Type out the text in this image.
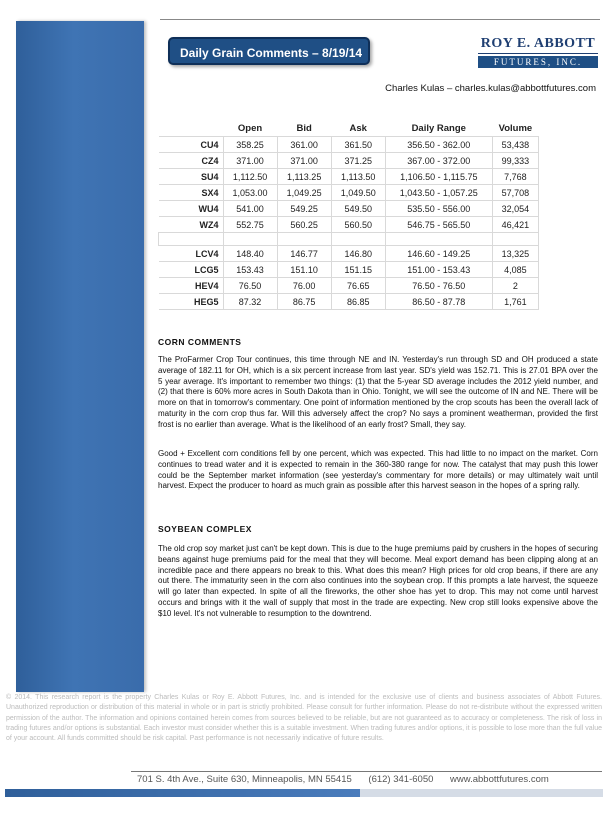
Daily Grain Comments – 8/19/14
ROY E. ABBOTT
FUTURES, INC.
Charles Kulas – charles.kulas@abbottfutures.com
	Open	Bid	Ask	Daily Range	Volume
CU4	358.25	361.00	361.50	356.50 - 362.00	53,438
CZ4	371.00	371.00	371.25	367.00 - 372.00	99,333
SU4	1,112.50	1,113.25	1,113.50	1,106.50 - 1,115.75	7,768
SX4	1,053.00	1,049.25	1,049.50	1,043.50 - 1,057.25	57,708
WU4	541.00	549.25	549.50	535.50 - 556.00	32,054
WZ4	552.75	560.25	560.50	546.75 - 565.50	46,421

LCV4	148.40	146.77	146.80	146.60 - 149.25	13,325
LCG5	153.43	151.10	151.15	151.00 - 153.43	4,085
HEV4	76.50	76.00	76.65	76.50 - 76.50	2
HEG5	87.32	86.75	86.85	86.50 - 87.78	1,761
CORN COMMENTS

The ProFarmer Crop Tour continues, this time through NE and IN. Yesterday's run through SD and OH produced a state average of 182.11 for OH, which is a six percent increase from last year. SD's yield was 152.71. This is 27.01 BPA over the 5 year average. It's important to remember two things: (1) that the 5-year SD average includes the 2012 yield number, and (2) that there is 60% more acres in South Dakota than in Ohio. Tonight, we will see the outcome of IN and NE. There will be more on that in tomorrow's commentary. One point of information mentioned by the crop scouts has been the overall lack of maturity in the corn crop thus far. Will this adversely affect the crop? No says a prominent weatherman, provided the first frost is no earlier than average. What is the likelihood of an early frost? Small, they say.

Good + Excellent corn conditions fell by one percent, which was expected. This had little to no impact on the market. Corn continues to tread water and it is expected to remain in the 360-380 range for now. The catalyst that may push this lower could be the September market information (see yesterday's commentary for more details) or may ultimately wait until harvest. Expect the producer to hoard as much grain as possible after this harvest season in the hopes of a spring rally.

SOYBEAN COMPLEX

The old crop soy market just can't be kept down. This is due to the huge premiums paid by crushers in the hopes of securing beans against huge premiums paid for the meal that they will become. Meal export demand has been clipping along at an incredible pace and there appears no break to this. What does this mean? High prices for old crop beans, if there are any out there. The immaturity seen in the corn also continues into the soybean crop. If this prompts a late harvest, the squeeze will go later than expected. In spite of all the fireworks, the other shoe has yet to drop. This may not come until harvest occurs and brings with it the wall of supply that most in the trade are expecting. New crop still looks expensive above the $10 level. It's not vulnerable to resumption to the downtrend.

© 2014. This research report is the property Charles Kulas or Roy E. Abbott Futures, Inc. and is intended for the exclusive use of clients and business associates of Abbott Futures. Unauthorized reproduction or distribution of this material in whole or in part is strictly prohibited. Please consult for further information. Please do not re-distribute without the expressed written permission of the author. The information and opinions contained herein comes from sources believed to be reliable, but are not guaranteed as to accuracy or completeness. The risk of loss in trading futures and/or options is substantial. Each investor must consider whether this is a suitable investment. When trading futures and/or options, it is possible to lose more than the full value of your account. All funds committed should be risk capital. Past performance is not necessarily indicative of future results.

701 S. 4th Ave., Suite 630, Minneapolis, MN 55415 (612) 341-6050 www.abbottfutures.com
